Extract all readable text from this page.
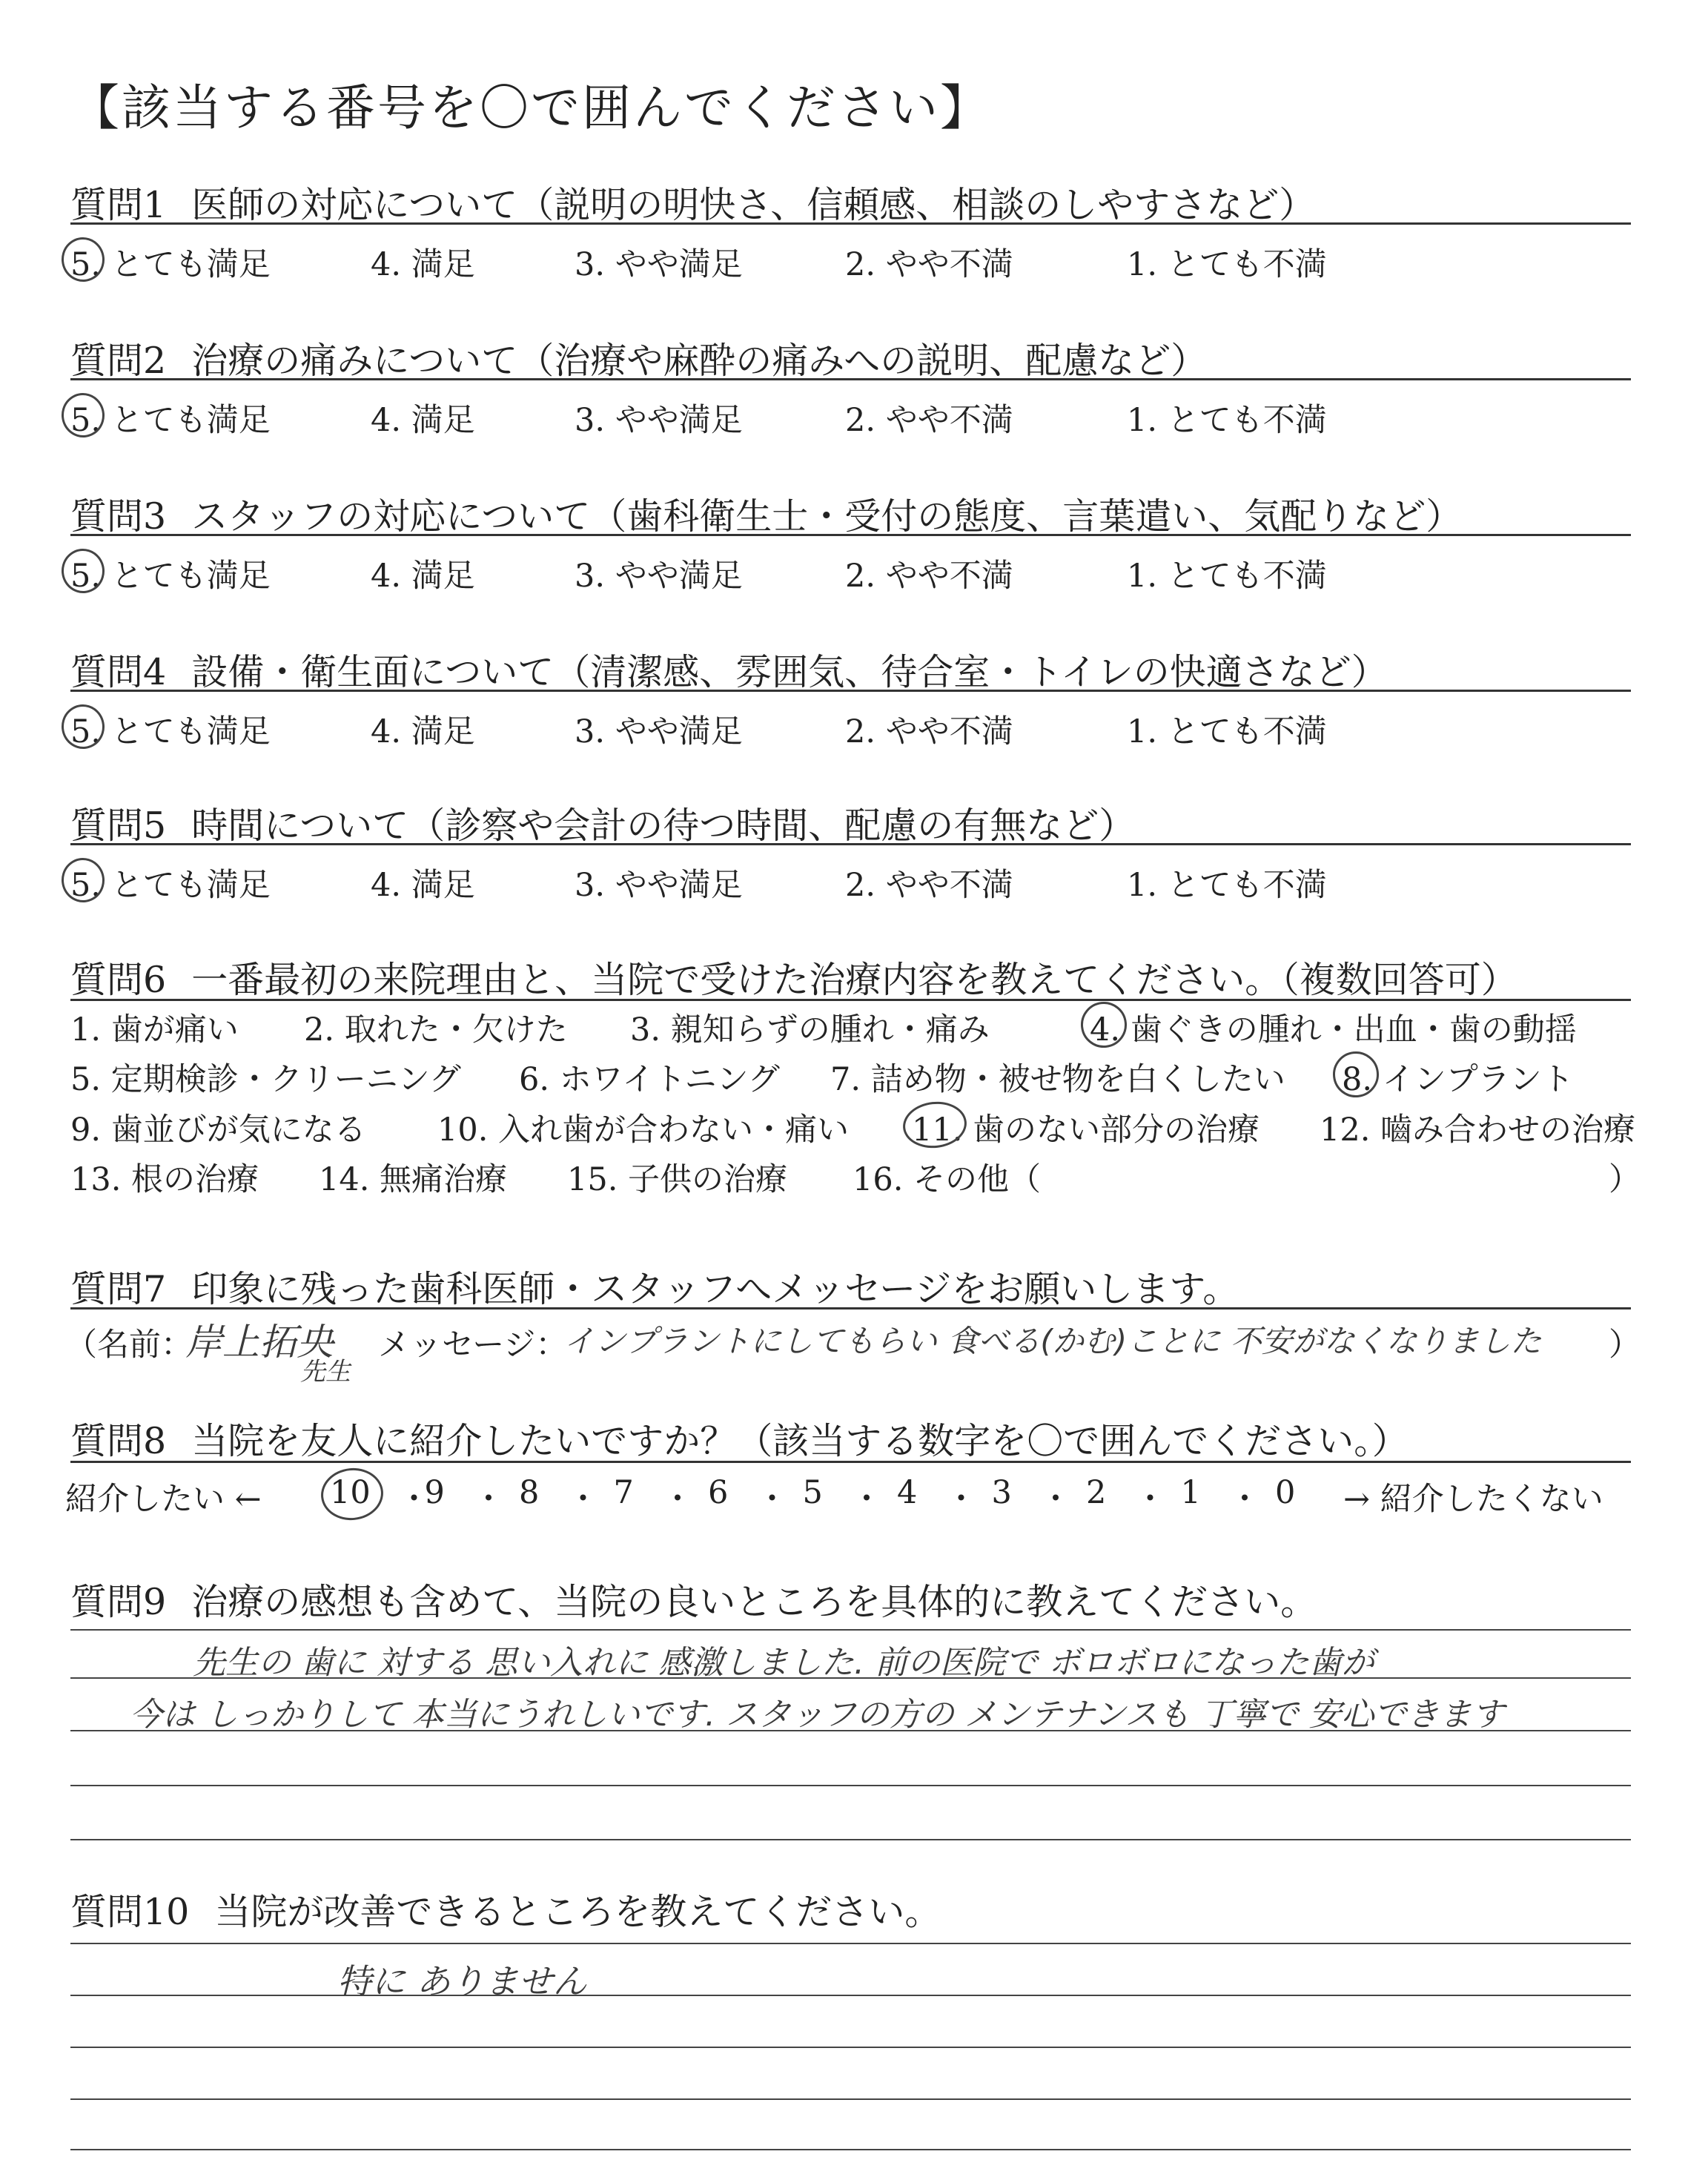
【該当する番号を〇で囲んでください】
質問1 医師の対応について（説明の明快さ、信頼感、相談のしやすさなど）
5. とても満足	4. 満足	3. やや満足	2. やや不満	1. とても不満
質問2 治療の痛みについて（治療や麻酔の痛みへの説明、配慮など）
5. とても満足	4. 満足	3. やや満足	2. やや不満	1. とても不満
質問3 スタッフの対応について（歯科衛生士・受付の態度、言葉遣い、気配りなど）
5. とても満足	4. 満足	3. やや満足	2. やや不満	1. とても不満
質問4 設備・衛生面について（清潔感、雰囲気、待合室・トイレの快適さなど）
5. とても満足	4. 満足	3. やや満足	2. やや不満	1. とても不満
質問5 時間について（診察や会計の待つ時間、配慮の有無など）
5. とても満足	4. 満足	3. やや満足	2. やや不満	1. とても不満
質問6 一番最初の来院理由と、当院で受けた治療内容を教えてください。（複数回答可）
1. 歯が痛い 2. 取れた・欠けた 3. 親知らずの腫れ・痛み	4. 歯ぐきの腫れ・出血・歯の動揺
5. 定期検診・クリーニング 6. ホワイトニング 7. 詰め物・被せ物を白くしたい 8. インプラント
9. 歯並びが気になる 10. 入れ歯が合わない・痛い 11. 歯のない部分の治療 12. 嚙み合わせの治療
13. 根の治療 14. 無痛治療 15. 子供の治療 16. その他（	）
質問7 印象に残った歯科医師・スタッフへメッセージをお願いします。
（名前：
岸上拓央
先生
メッセージ：
インプラントにしてもらい 食べる(かむ)ことに 不安がなくなりました ）
質問8 当院を友人に紹介したいですか？（該当する数字を〇で囲んでください。）
紹介したい ← 10 ・
9 ・ 8 ・ 7 ・ 6 ・ 5 ・ 4 ・ 3 ・ 2 ・ 1 ・ 0 → 紹介したくない
質問9 治療の感想も含めて、当院の良いところを具体的に教えてください。
先生の 歯に 対する 思い入れに 感激しました. 前の医院で ボロボロになった歯が
今は しっかりして 本当にうれしいです. スタッフの方の メンテナンスも 丁寧で 安心できます
質問10 当院が改善できるところを教えてください。
特に ありません
